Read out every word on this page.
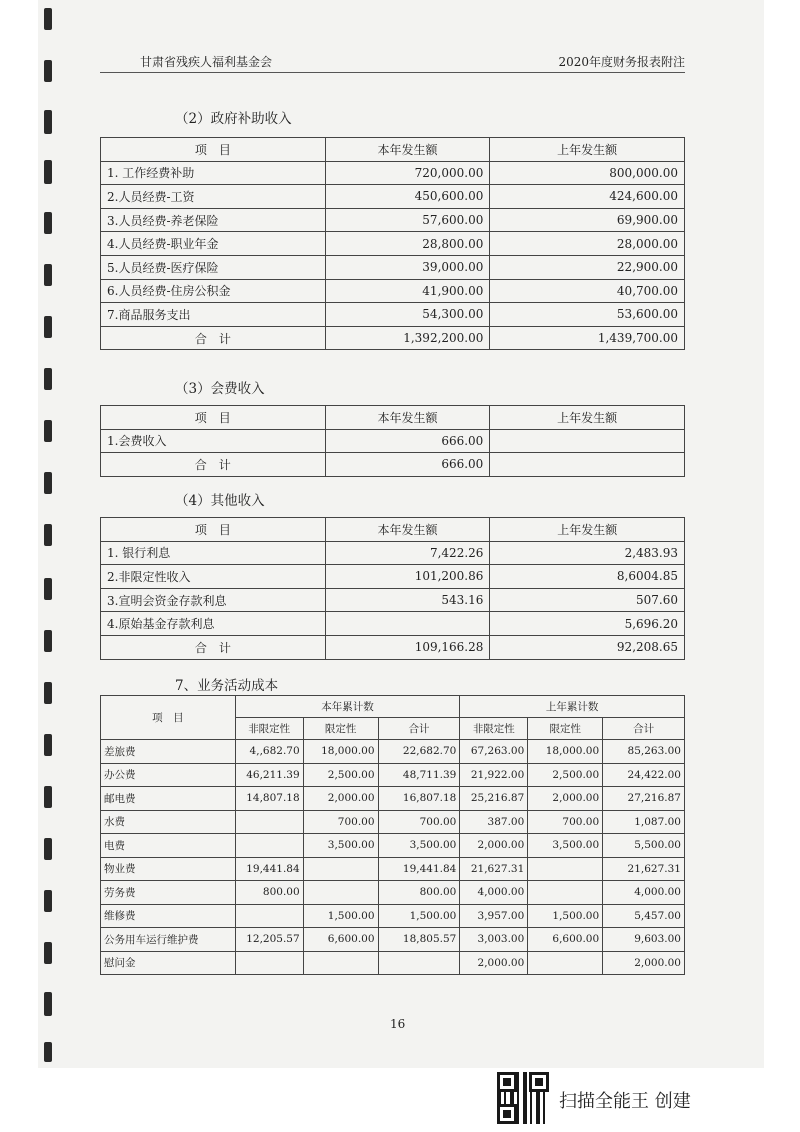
甘肃省残疾人福利基金会	2020年度财务报表附注
（2）政府补助收入
项　目	本年发生额	上年发生额
1. 工作经费补助	720,000.00	800,000.00
2.人员经费-工资	450,600.00	424,600.00
3.人员经费-养老保险	57,600.00	69,900.00
4.人员经费-职业年金	28,800.00	28,000.00
5.人员经费-医疗保险	39,000.00	22,900.00
6.人员经费-住房公积金	41,900.00	40,700.00
7.商品服务支出	54,300.00	53,600.00
合　计	1,392,200.00	1,439,700.00
（3）会费收入
项　目	本年发生额	上年发生额
1.会费收入	666.00	
合　计	666.00	
（4）其他收入
项　目	本年发生额	上年发生额
1. 银行利息	7,422.26	2,483.93
2.非限定性收入	101,200.86	8,6004.85
3.宣明会资金存款利息	543.16	507.60
4.原始基金存款利息		5,696.20
合　计	109,166.28	92,208.65
7、业务活动成本
项　目	本年累计数			上年累计数		
	非限定性	限定性	合计	非限定性	限定性	合计
差旅费	4,,682.70	18,000.00	22,682.70	67,263.00	18,000.00	85,263.00
办公费	46,211.39	2,500.00	48,711.39	21,922.00	2,500.00	24,422.00
邮电费	14,807.18	2,000.00	16,807.18	25,216.87	2,000.00	27,216.87
水费		700.00	700.00	387.00	700.00	1,087.00
电费		3,500.00	3,500.00	2,000.00	3,500.00	5,500.00
物业费	19,441.84		19,441.84	21,627.31		21,627.31
劳务费	800.00		800.00	4,000.00		4,000.00
维修费		1,500.00	1,500.00	3,957.00	1,500.00	5,457.00
公务用车运行维护费	12,205.57	6,600.00	18,805.57	3,003.00	6,600.00	9,603.00
慰问金				2,000.00		2,000.00
16
扫描全能王 创建
